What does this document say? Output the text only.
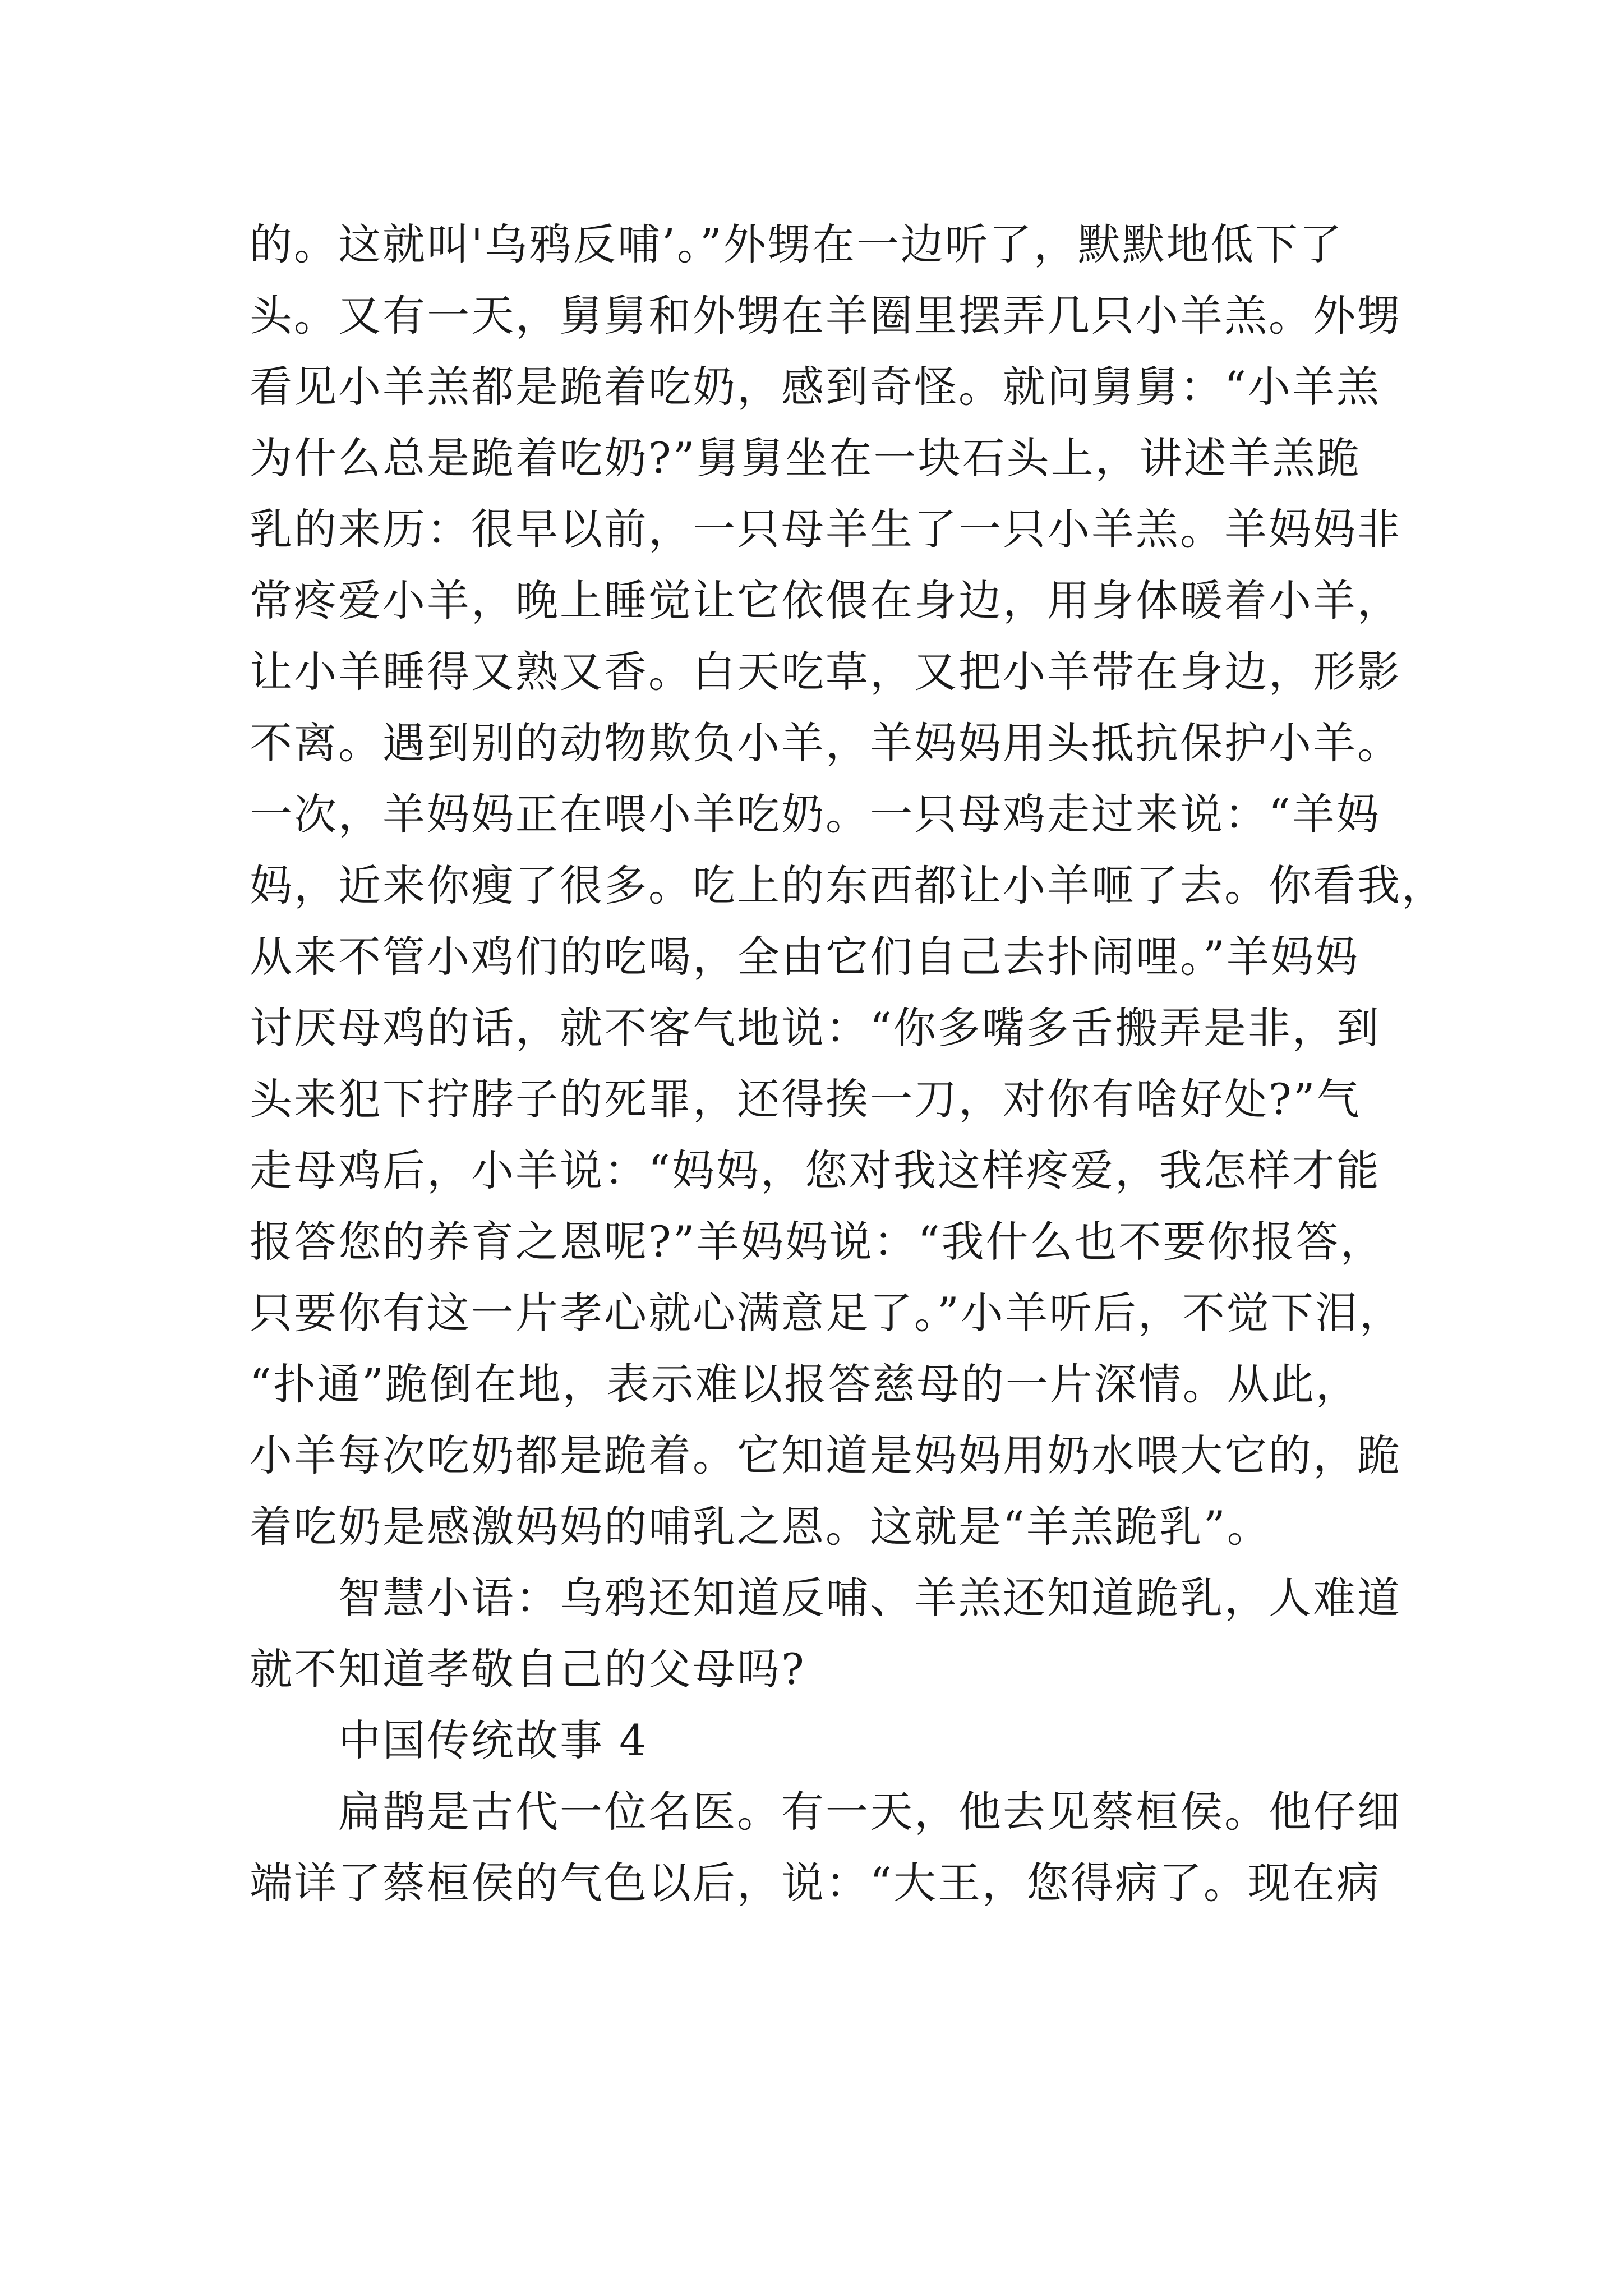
的。这就叫'乌鸦反哺’。”外甥在一边听了，默默地低下了
头。又有一天，舅舅和外甥在羊圈里摆弄几只小羊羔。外甥
看见小羊羔都是跪着吃奶，感到奇怪。就问舅舅：“小羊羔
为什么总是跪着吃奶?”舅舅坐在一块石头上，讲述羊羔跪
乳的来历：很早以前，一只母羊生了一只小羊羔。羊妈妈非
常疼爱小羊，晚上睡觉让它依偎在身边，用身体暖着小羊，
让小羊睡得又熟又香。白天吃草，又把小羊带在身边，形影
不离。遇到别的动物欺负小羊，羊妈妈用头抵抗保护小羊。
一次，羊妈妈正在喂小羊吃奶。一只母鸡走过来说：“羊妈
妈，近来你瘦了很多。吃上的东西都让小羊咂了去。你看我，
从来不管小鸡们的吃喝，全由它们自己去扑闹哩。”羊妈妈
讨厌母鸡的话，就不客气地说：“你多嘴多舌搬弄是非，到
头来犯下拧脖子的死罪，还得挨一刀，对你有啥好处?”气
走母鸡后，小羊说：“妈妈，您对我这样疼爱，我怎样才能
报答您的养育之恩呢?”羊妈妈说：“我什么也不要你报答，
只要你有这一片孝心就心满意足了。”小羊听后，不觉下泪，
“扑通”跪倒在地，表示难以报答慈母的一片深情。从此，
小羊每次吃奶都是跪着。它知道是妈妈用奶水喂大它的，跪
着吃奶是感激妈妈的哺乳之恩。这就是“羊羔跪乳”。
智慧小语：乌鸦还知道反哺、羊羔还知道跪乳，人难道
就不知道孝敬自己的父母吗?
中国传统故事 4
扁鹊是古代一位名医。有一天，他去见蔡桓侯。他仔细
端详了蔡桓侯的气色以后，说：“大王，您得病了。现在病
